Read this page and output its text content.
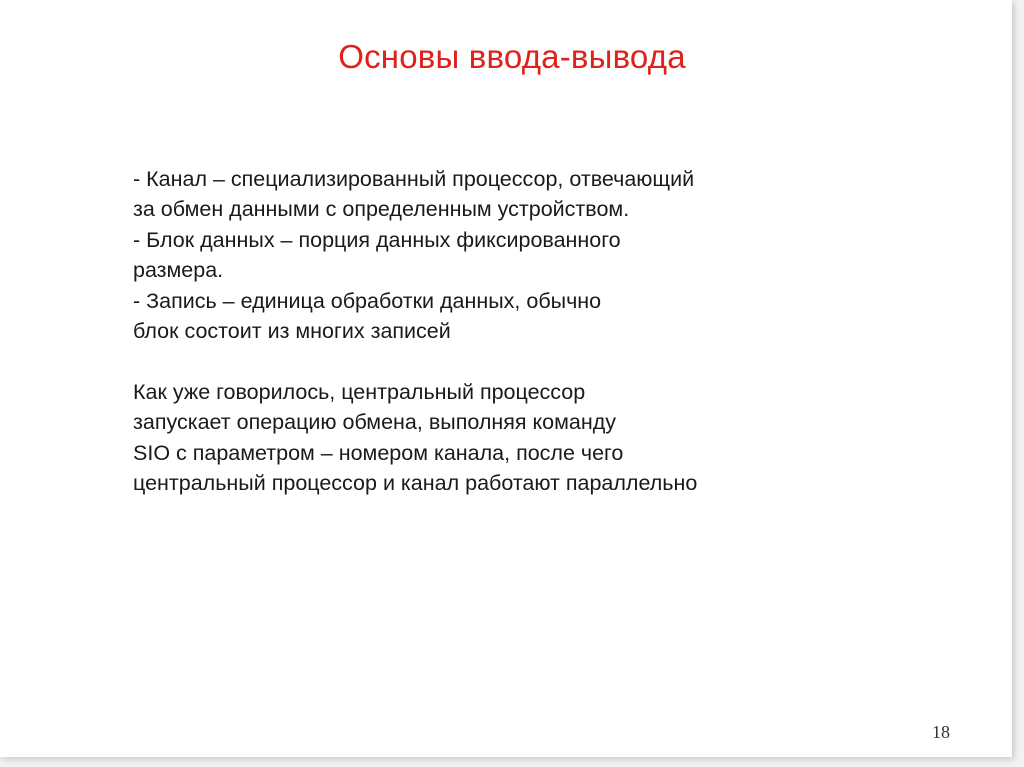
Основы ввода-вывода
- Канал – специализированный процессор, отвечающий
за обмен данными с определенным устройством.
- Блок данных – порция данных фиксированного
размера.
- Запись – единица обработки данных, обычно
блок состоит из многих записей
Как уже говорилось, центральный процессор
запускает операцию обмена, выполняя команду
SIO с параметром – номером канала, после чего
центральный процессор и канал работают параллельно
18
